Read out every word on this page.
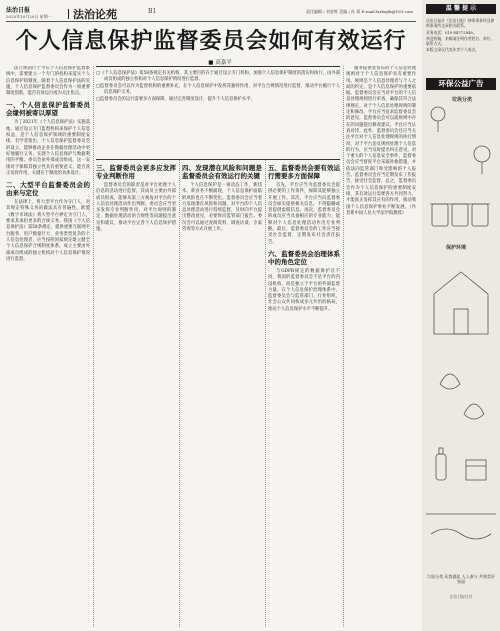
法治日报
2025年10月20日 星期一	法治论苑	B1	责任编辑 / 刘金辉 美编 / 孙 莉 E-mail:fzrbxjtk@163.com
个人信息保护监督委员会如何有效运行
■ 高嘉平

法立则国行于今在个人信息保护监督系统中，需要建立一个专门的机构来落实个人信息保护的制度。随着个人信息保护法的实施，个人信息保护监督委员会作为一项重要制度创新，能否有效运行成为关注焦点。

一、个人信息保护监督委员会缘何被寄以厚望

为了2021年《个人信息保护法》实施落地，通过设立专门监督机构来保护个人信息权益，是个人信息保护领域的重要制度安排。有学者指出，个人信息保护监督委员会的设立，能够推动企业在数据处理活动中更好地履行义务，实现个人信息保护与数据利用的平衡。委员会由外部成员组成，这一安排对于保障其独立性具有重要意义，能否真正发挥作用，关键在于制度的具体设计。

二、大型平台监督委员会的由来与定位

在法律上，将大型平台作为守门人，对其规定特殊义务的做法具有普遍性。欧盟《数字市场法》将大型平台界定为守门人，要求其承担更多的合规义务。我国《个人信息保护法》第58条规定，提供重要互联网平台服务、用户数量巨大、业务类型复杂的个人信息处理者，应当按照国家规定建立健全个人信息保护合规制度体系，成立主要由外部成员组成的独立机构对个人信息保护情况进行监督。

□《个人信息保护法》第58条规定有关机构，其主要目的在于通过设立专门机构，加强个人信息保护制度的落实和执行，由外部成员组成的独立机构对个人信息保护情况进行监督。

□监督委员会可以作为监督机构的重要补充，在个人信息保护中发挥其独特作用，对平台合规情况进行监督，推动平台履行个人信息保护义务。

□监督委员会的运行需要多方面保障，通过完善制度设计，提升个人信息保护水平。

三、监督委员会更多应发挥专业判断作用

监督委员会的职责是对平台处理个人信息的活动进行监督，其成员主要由外部成员组成，能够从第三方视角对平台的个人信息处理活动作出判断。委员会应当更多发挥专业判断作用，对平台规则的制定、数据处理活动的合规性等问题提出意见和建议，推动平台完善个人信息保护措施。

四、发现潜在风险和问题是监督委员会有效运行的关键

个人信息保护是一项动态工作，新技术、新业务不断涌现，个人信息保护面临的风险也在不断变化。监督委员会应当着力发现潜在风险和问题，对平台的个人信息处理活动进行持续监督，及时向平台提出整改意见，必要时向监管部门报告。委员会可以通过查阅资料、调查访谈、专家咨询等方式开展工作。

五、监督委员会要有效运行需要多方面保障

首先，平台应当为监督委员会提供必要的工作条件，保障其能够独立开展工作。其次，平台应当向监督委员会如实提供相关信息，不得隐瞒或者提供虚假信息。再次，监督委员会的成员应当具备相应的专业能力，能够对个人信息处理活动作出专业判断。最后，监督委员会的工作应当接受社会监督，定期发布社会责任报告。

六、监督委员会治理体系中的角色定位

与GDPR规定的数据保护官不同，我国的监督委员会不是平台的内设机构，而是独立于平台的外部监督力量。在个人信息保护治理体系中，监督委员会与监管部门、行业组织、社会公众共同构成多元共治的格局，推动个人信息保护水平不断提升。

服务提供者发布的个人信息处理规则对于个人信息保护具有重要作用。规则是个人信息处理者与个人之间的约定，是个人信息保护的重要依据。监督委员会应当对平台的个人信息处理规则进行审查，确保其符合法律规定。对于个人信息处理规则的制定和修改，平台应当征求监督委员会的意见。监督委员会可以就规则中存在的问题提出修改建议，平台应当认真对待。此外，监督委员会还应当关注平台对个人信息处理规则的执行情况，对于平台违反规则处理个人信息的行为，应当及时提出纠正意见。对于重大的个人信息安全事件，监督委员会应当督促平台采取补救措施，并依法向监管部门和受影响的个人报告。监督委员会应当定期发布工作报告，接受社会监督。总之，监督委员会作为个人信息保护的重要制度安排，其有效运行需要各方共同努力，才能真正发挥其应有的作用，推动我国个人信息保护事业不断发展。（作者系中国人民大学法学院教授）

温 馨 提 示

法治日报社《法治日报》律师事务所及律师事务所文章相关联系。

业务电话：010-84772848。

欢迎投稿，来稿请注明作者姓名、单位、联系方式。

本版文章仅代表作者个人观点。

环保公益广告
垃圾分类
保护环境
垃圾分类 从我做起 人人参与 共建美好家园
法治日报社宣
